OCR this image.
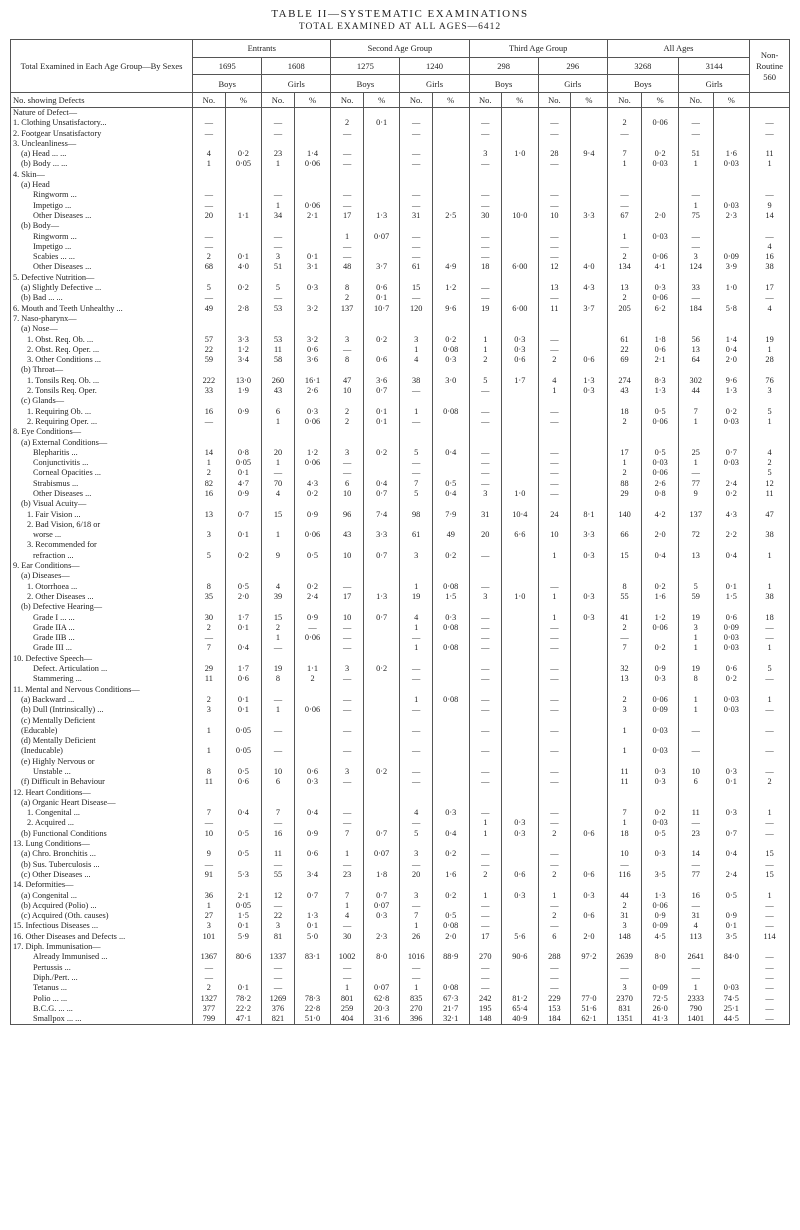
TABLE II—SYSTEMATIC EXAMINATIONS
TOTAL EXAMINED AT ALL AGES—6412
Total Examined in Each Age Group—By Sexes	Entrants				Second Age Group				Third Age Group				All Ages				Non-Routine 560
	1695		1608		1275		1240		298		296		3268		3144		
	Boys		Girls		Boys		Girls		Boys		Girls		Boys		Girls		
No. showing Defects	No.	%	No.	%	No.	%	No.	%	No.	%	No.	%	No.	%	No.	%	
Nature of Defect—																	
1. Clothing Unsatisfactory...	—		—		2	0·1	—		—		—		2	0·06	—		—
2. Footgear Unsatisfactory	—		—		—		—		—		—		—		—		—
3. Uncleanliness—																	
(a) Head ... ...	4	0·2	23	1·4	—		—		3	1·0	28	9·4	7	0·2	51	1·6	11
(b) Body ... ...	1	0·05	1	0·06	—		—		—		—		1	0·03	1	0·03	1
4. Skin—																	
(a) Head																	
Ringworm ...	—		—		—		—		—		—		—		—		—
Impetigo ...	—		1	0·06	—		—		—		—		—		1	0·03	9
Other Diseases ...	20	1·1	34	2·1	17	1·3	31	2·5	30	10·0	10	3·3	67	2·0	75	2·3	14
(b) Body—																	
Ringworm ...	—		—		1	0·07	—		—		—		1	0·03	—		—
Impetigo ...	—		—		—		—		—		—		—		—		4
Scabies ... ...	2	0·1	3	0·1	—		—		—		—		2	0·06	3	0·09	16
Other Diseases ...	68	4·0	51	3·1	48	3·7	61	4·9	18	6·00	12	4·0	134	4·1	124	3·9	38
5. Defective Nutrition—																	
(a) Slightly Defective ...	5	0·2	5	0·3	8	0·6	15	1·2	—		13	4·3	13	0·3	33	1·0	17
(b) Bad ... ...	—		—		2	0·1	—		—		—		2	0·06	—		—
6. Mouth and Teeth Unhealthy ...	49	2·8	53	3·2	137	10·7	120	9·6	19	6·00	11	3·7	205	6·2	184	5·8	4
7. Naso-pharynx—																	
(a) Nose—																	
1. Obst. Req. Ob. ...	57	3·3	53	3·2	3	0·2	3	0·2	1	0·3	—		61	1·8	56	1·4	19
2. Obst. Req. Oper. ...	22	1·2	11	0·6	—		1	0·08	1	0·3	—		22	0·6	13	0·4	1
3. Other Conditions ...	59	3·4	58	3·6	8	0·6	4	0·3	2	0·6	2	0·6	69	2·1	64	2·0	28
(b) Throat—																	
1. Tonsils Req. Ob. ...	222	13·0	260	16·1	47	3·6	38	3·0	5	1·7	4	1·3	274	8·3	302	9·6	76
2. Tonsils Req. Oper.	33	1·9	43	2·6	10	0·7	—		—		1	0·3	43	1·3	44	1·3	3
(c) Glands—																	
1. Requiring Ob. ...	16	0·9	6	0·3	2	0·1	1	0·08	—		—		18	0·5	7	0·2	5
2. Requiring Oper. ...	—		1	0·06	2	0·1	—		—		—		2	0·06	1	0·03	1
8. Eye Conditions—																	
(a) External Conditions—																	
Blepharitis ...	14	0·8	20	1·2	3	0·2	5	0·4	—		—		17	0·5	25	0·7	4
Conjunctivitis ...	1	0·05	1	0·06	—		—		—		—		1	0·03	1	0·03	2
Corneal Opacities ...	2	0·1	—		—		—		—		—		2	0·06	—		5
Strabismus ...	82	4·7	70	4·3	6	0·4	7	0·5	—		—		88	2·6	77	2·4	12
Other Diseases ...	16	0·9	4	0·2	10	0·7	5	0·4	3	1·0	—		29	0·8	9	0·2	11
(b) Visual Acuity—																	
1. Fair Vision ...	13	0·7	15	0·9	96	7·4	98	7·9	31	10·4	24	8·1	140	4·2	137	4·3	47
2. Bad Vision, 6/18 or																	
worse ...	3	0·1	1	0·06	43	3·3	61	49	20	6·6	10	3·3	66	2·0	72	2·2	38
3. Recommended for																	
refraction ...	5	0·2	9	0·5	10	0·7	3	0·2	—		1	0·3	15	0·4	13	0·4	1
9. Ear Conditions—																	
(a) Diseases—																	
1. Otorrhoea ...	8	0·5	4	0·2	—		1	0·08	—		—		8	0·2	5	0·1	1
2. Other Diseases ...	35	2·0	39	2·4	17	1·3	19	1·5	3	1·0	1	0·3	55	1·6	59	1·5	38
(b) Defective Hearing—																	
Grade I ... ...	30	1·7	15	0·9	10	0·7	4	0·3	—		1	0·3	41	1·2	19	0·6	18
Grade IIA ...	2	0·1	2	—	—		1	0·08	—		—		2	0·06	3	0·09	—
Grade IIB ...	—		1	0·06	—		—		—		—		—		1	0·03	—
Grade III ...	7	0·4	—		—		1	0·08	—		—		7	0·2	1	0·03	1
10. Defective Speech—																	
Defect. Articulation ...	29	1·7	19	1·1	3	0·2	—		—		—		32	0·9	19	0·6	5
Stammering ...	11	0·6	8	2	—		—		—		—		13	0·3	8	0·2	—
11. Mental and Nervous Conditions—																	
(a) Backward ...	2	0·1	—		—		1	0·08	—		—		2	0·06	1	0·03	1
(b) Dull (Intrinsically) ...	3	0·1	1	0·06	—		—		—		—		3	0·09	1	0·03	—
(c) Mentally Deficient																	
(Educable)	1	0·05	—		—		—		—		—		1	0·03	—		—
(d) Mentally Deficient																	
(Ineducable)	1	0·05	—		—		—		—		—		1	0·03	—		—
(e) Highly Nervous or																	
Unstable ...	8	0·5	10	0·6	3	0·2	—		—		—		11	0·3	10	0·3	—
(f) Difficult in Behaviour	11	0·6	6	0·3	—		—		—		—		11	0·3	6	0·1	2
12. Heart Conditions—																	
(a) Organic Heart Disease—																	
1. Congenital ...	7	0·4	7	0·4	—		4	0·3	—		—		7	0·2	11	0·3	1
2. Acquired ...	—		—		—		—		1	0·3	—		1	0·03	—		—
(b) Functional Conditions	10	0·5	16	0·9	7	0·7	5	0·4	1	0·3	2	0·6	18	0·5	23	0·7	—
13. Lung Conditions—																	
(a) Chro. Bronchitis ...	9	0·5	11	0·6	1	0·07	3	0·2	—		—		10	0·3	14	0·4	15
(b) Sus. Tuberculosis ...	—		—		—		—		—		—		—		—		—
(c) Other Diseases ...	91	5·3	55	3·4	23	1·8	20	1·6	2	0·6	2	0·6	116	3·5	77	2·4	15
14. Deformities—																	
(a) Congenital ...	36	2·1	12	0·7	7	0·7	3	0·2	1	0·3	1	0·3	44	1·3	16	0·5	1
(b) Acquired (Polio) ...	1	0·05	—		1	0·07	—		—		—		2	0·06	—		—
(c) Acquired (Oth. causes)	27	1·5	22	1·3	4	0·3	7	0·5	—		2	0·6	31	0·9	31	0·9	—
15. Infectious Diseases ...	3	0·1	3	0·1	—		1	0·08	—		—		3	0·09	4	0·1	—
16. Other Diseases and Defects ...	101	5·9	81	5·0	30	2·3	26	2·0	17	5·6	6	2·0	148	4·5	113	3·5	114
17. Diph. Immunisation—																	
Already Immunised ...	1367	80·6	1337	83·1	1002	8·0	1016	88·9	270	90·6	288	97·2	2639	8·0	2641	84·0	—
Pertussis ...	—		—		—		—		—		—		—		—		—
Diph./Pert. ...	—		—		—		—		—		—		—		—		—
Tetanus ...	2	0·1	—		1	0·07	1	0·08	—		—		3	0·09	1	0·03	—
Polio ... ...	1327	78·2	1269	78·3	801	62·8	835	67·3	242	81·2	229	77·0	2370	72·5	2333	74·5	—
B.C.G. ... ...	377	22·2	376	22·8	259	20·3	270	21·7	195	65·4	153	51·6	831	26·0	790	25·1	—
Smallpox ... ...	799	47·1	821	51·0	404	31·6	396	32·1	148	40·9	184	62·1	1351	41·3	1401	44·5	—
